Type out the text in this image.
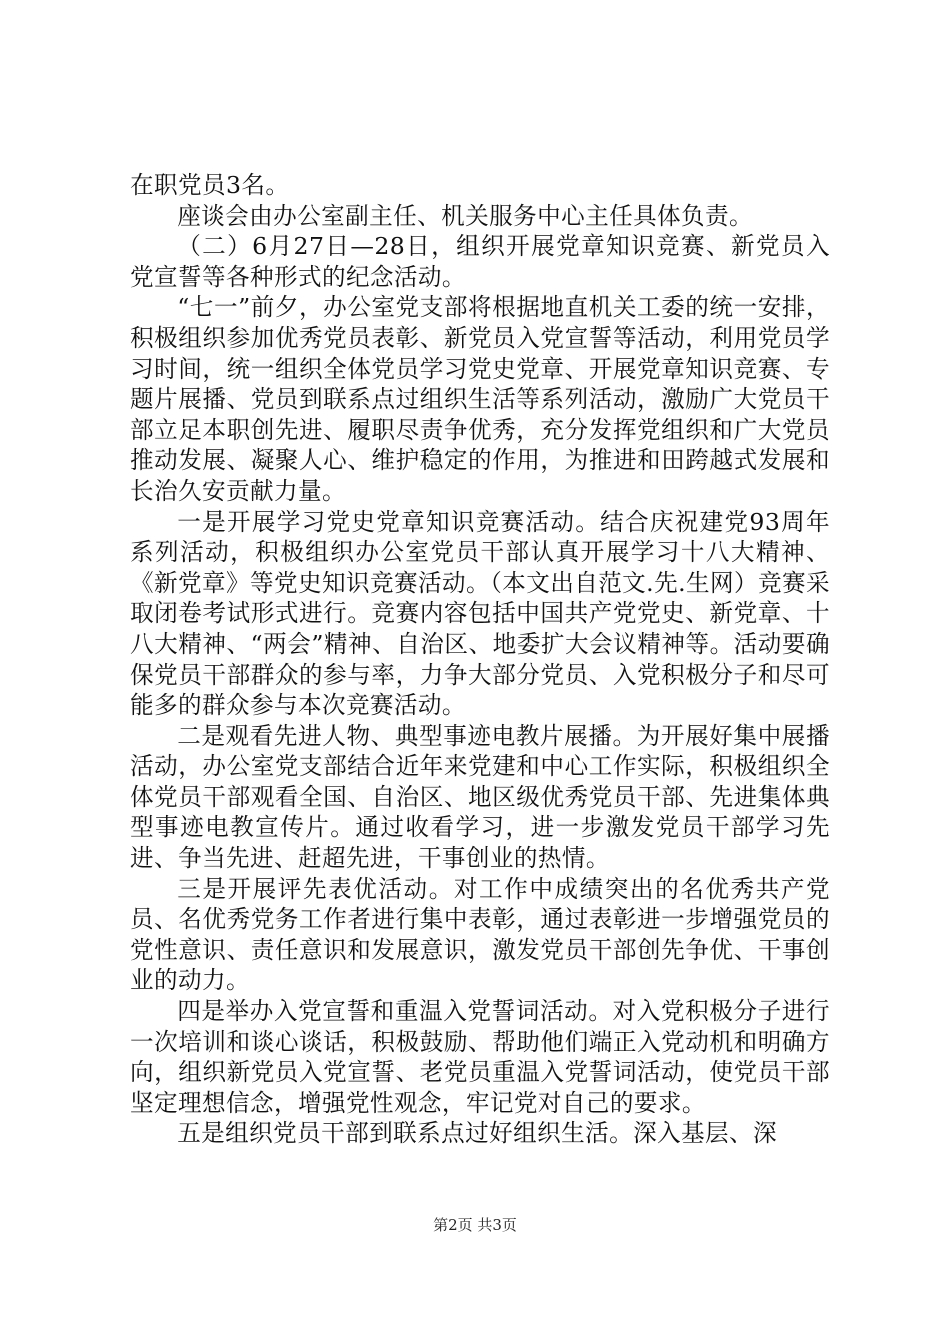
在职党员3名。

座谈会由办公室副主任、机关服务中心主任具体负责。

（二）6月27日—28日，组织开展党章知识竞赛、新党员入党宣誓等各种形式的纪念活动。

“七一”前夕，办公室党支部将根据地直机关工委的统一安排，积极组织参加优秀党员表彰、新党员入党宣誓等活动，利用党员学习时间，统一组织全体党员学习党史党章、开展党章知识竞赛、专题片展播、党员到联系点过组织生活等系列活动，激励广大党员干部立足本职创先进、履职尽责争优秀，充分发挥党组织和广大党员推动发展、凝聚人心、维护稳定的作用，为推进和田跨越式发展和长治久安贡献力量。

一是开展学习党史党章知识竞赛活动。结合庆祝建党93周年系列活动，积极组织办公室党员干部认真开展学习十八大精神、《新党章》等党史知识竞赛活动。（本文出自范文.先.生网）竞赛采取闭卷考试形式进行。竞赛内容包括中国共产党党史、新党章、十八大精神、“两会”精神、自治区、地委扩大会议精神等。活动要确保党员干部群众的参与率，力争大部分党员、入党积极分子和尽可能多的群众参与本次竞赛活动。

二是观看先进人物、典型事迹电教片展播。为开展好集中展播活动，办公室党支部结合近年来党建和中心工作实际，积极组织全体党员干部观看全国、自治区、地区级优秀党员干部、先进集体典型事迹电教宣传片。通过收看学习，进一步激发党员干部学习先进、争当先进、赶超先进，干事创业的热情。

三是开展评先表优活动。对工作中成绩突出的名优秀共产党员、名优秀党务工作者进行集中表彰，通过表彰进一步增强党员的党性意识、责任意识和发展意识，激发党员干部创先争优、干事创业的动力。

四是举办入党宣誓和重温入党誓词活动。对入党积极分子进行一次培训和谈心谈话，积极鼓励、帮助他们端正入党动机和明确方向，组织新党员入党宣誓、老党员重温入党誓词活动，使党员干部坚定理想信念，增强党性观念，牢记党对自己的要求。

五是组织党员干部到联系点过好组织生活。深入基层、深

第2页 共3页
